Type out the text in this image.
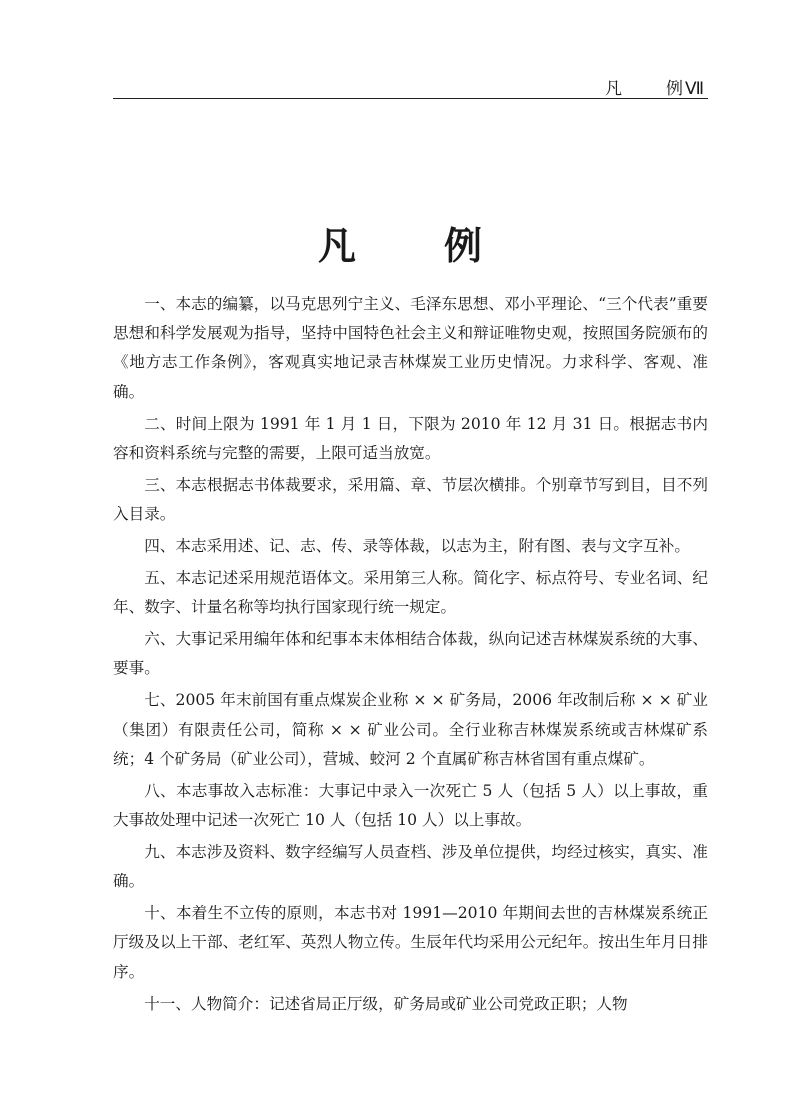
凡	例 Ⅶ
凡 例

一、本志的编纂，以马克思列宁主义、毛泽东思想、邓小平理论、“三个代表”重要思想和科学发展观为指导，坚持中国特色社会主义和辩证唯物史观，按照国务院颁布的《地方志工作条例》，客观真实地记录吉林煤炭工业历史情况。力求科学、客观、准确。

二、时间上限为 1991 年 1 月 1 日，下限为 2010 年 12 月 31 日。根据志书内容和资料系统与完整的需要，上限可适当放宽。

三、本志根据志书体裁要求，采用篇、章、节层次横排。个别章节写到目，目不列入目录。

四、本志采用述、记、志、传、录等体裁，以志为主，附有图、表与文字互补。

五、本志记述采用规范语体文。采用第三人称。简化字、标点符号、专业名词、纪年、数字、计量名称等均执行国家现行统一规定。

六、大事记采用编年体和纪事本末体相结合体裁，纵向记述吉林煤炭系统的大事、要事。

七、2005 年末前国有重点煤炭企业称 × × 矿务局，2006 年改制后称 × × 矿业（集团）有限责任公司，简称 × × 矿业公司。全行业称吉林煤炭系统或吉林煤矿系统；4 个矿务局（矿业公司），营城、蛟河 2 个直属矿称吉林省国有重点煤矿。

八、本志事故入志标准：大事记中录入一次死亡 5 人（包括 5 人）以上事故，重大事故处理中记述一次死亡 10 人（包括 10 人）以上事故。

九、本志涉及资料、数字经编写人员查档、涉及单位提供，均经过核实，真实、准确。

十、本着生不立传的原则，本志书对 1991—2010 年期间去世的吉林煤炭系统正厅级及以上干部、老红军、英烈人物立传。生辰年代均采用公元纪年。按出生年月日排序。

十一、人物简介：记述省局正厅级，矿务局或矿业公司党政正职；人物
